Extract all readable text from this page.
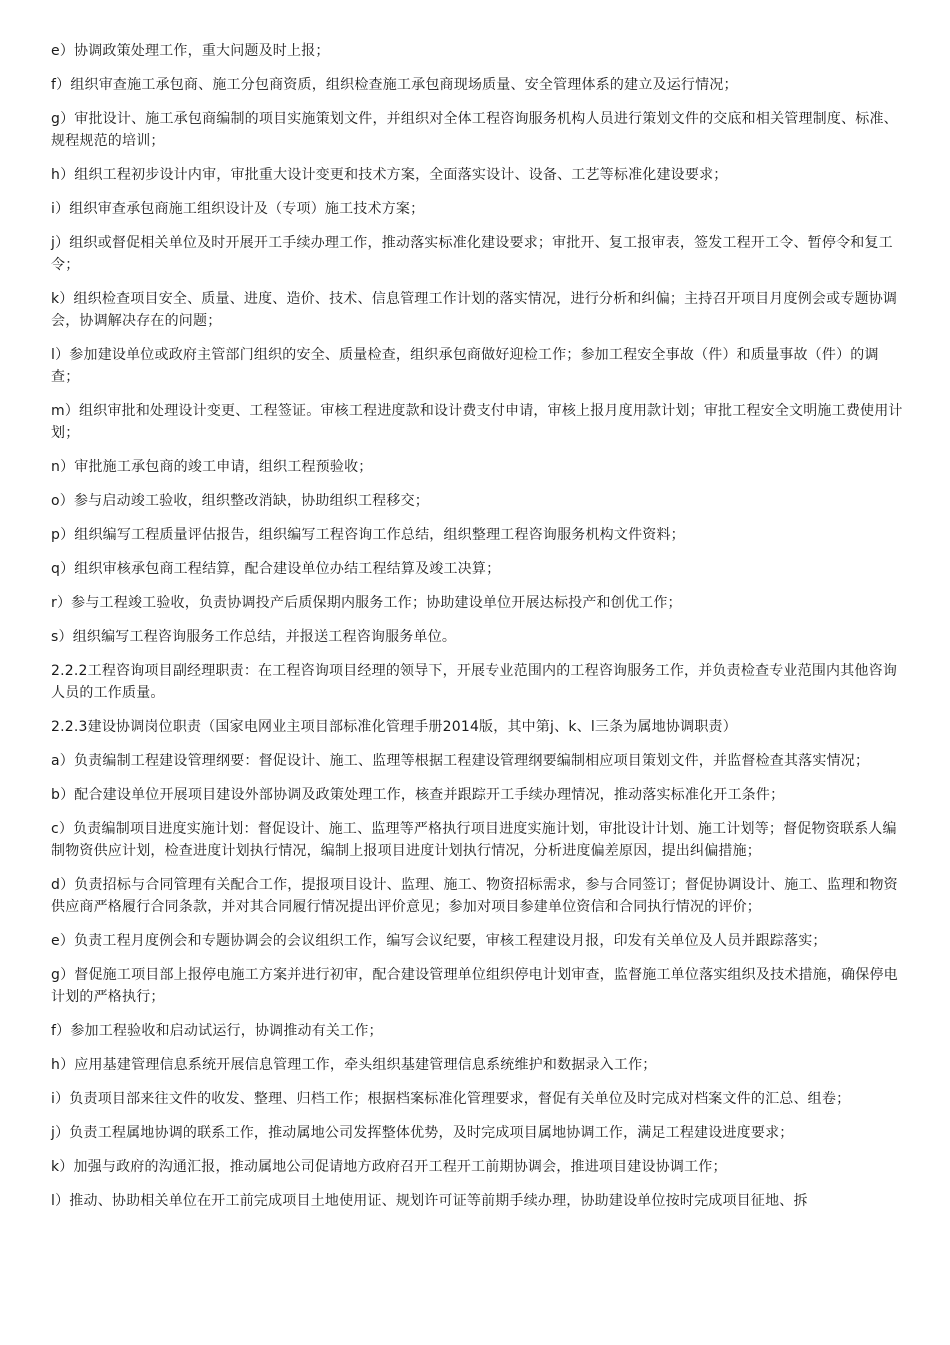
e）协调政策处理工作，重大问题及时上报；

f）组织审查施工承包商、施工分包商资质，组织检查施工承包商现场质量、安全管理体系的建立及运行情况；

g）审批设计、施工承包商编制的项目实施策划文件，并组织对全体工程咨询服务机构人员进行策划文件的交底和相关管理制度、标准、规程规范的培训；

h）组织工程初步设计内审，审批重大设计变更和技术方案，全面落实设计、设备、工艺等标准化建设要求；

i）组织审查承包商施工组织设计及（专项）施工技术方案；

j）组织或督促相关单位及时开展开工手续办理工作，推动落实标准化建设要求；审批开、复工报审表，签发工程开工令、暂停令和复工令；

k）组织检查项目安全、质量、进度、造价、技术、信息管理工作计划的落实情况，进行分析和纠偏；主持召开项目月度例会或专题协调会，协调解决存在的问题；

l）参加建设单位或政府主管部门组织的安全、质量检查，组织承包商做好迎检工作；参加工程安全事故（件）和质量事故（件）的调查；

m）组织审批和处理设计变更、工程签证。审核工程进度款和设计费支付申请，审核上报月度用款计划；审批工程安全文明施工费使用计划；

n）审批施工承包商的竣工申请，组织工程预验收；

o）参与启动竣工验收，组织整改消缺，协助组织工程移交；

p）组织编写工程质量评估报告，组织编写工程咨询工作总结，组织整理工程咨询服务机构文件资料；

q）组织审核承包商工程结算，配合建设单位办结工程结算及竣工决算；

r）参与工程竣工验收，负责协调投产后质保期内服务工作；协助建设单位开展达标投产和创优工作；

s）组织编写工程咨询服务工作总结，并报送工程咨询服务单位。

2.2.2工程咨询项目副经理职责：在工程咨询项目经理的领导下，开展专业范围内的工程咨询服务工作，并负责检查专业范围内其他咨询人员的工作质量。

2.2.3建设协调岗位职责（国家电网业主项目部标准化管理手册2014版，其中第j、k、l三条为属地协调职责）

a）负责编制工程建设管理纲要：督促设计、施工、监理等根据工程建设管理纲要编制相应项目策划文件，并监督检查其落实情况；

b）配合建设单位开展项目建设外部协调及政策处理工作，核查并跟踪开工手续办理情况，推动落实标准化开工条件；

c）负责编制项目进度实施计划：督促设计、施工、监理等严格执行项目进度实施计划，审批设计计划、施工计划等；督促物资联系人编制物资供应计划，检查进度计划执行情况，编制上报项目进度计划执行情况，分析进度偏差原因，提出纠偏措施；

d）负责招标与合同管理有关配合工作，提报项目设计、监理、施工、物资招标需求，参与合同签订；督促协调设计、施工、监理和物资供应商严格履行合同条款，并对其合同履行情况提出评价意见；参加对项目参建单位资信和合同执行情况的评价；

e）负责工程月度例会和专题协调会的会议组织工作，编写会议纪要，审核工程建设月报，印发有关单位及人员并跟踪落实；

g）督促施工项目部上报停电施工方案并进行初审，配合建设管理单位组织停电计划审查，监督施工单位落实组织及技术措施，确保停电计划的严格执行；

f）参加工程验收和启动试运行，协调推动有关工作；

h）应用基建管理信息系统开展信息管理工作，牵头组织基建管理信息系统维护和数据录入工作；

i）负责项目部来往文件的收发、整理、归档工作；根据档案标准化管理要求，督促有关单位及时完成对档案文件的汇总、组卷；

j）负责工程属地协调的联系工作，推动属地公司发挥整体优势，及时完成项目属地协调工作，满足工程建设进度要求；

k）加强与政府的沟通汇报，推动属地公司促请地方政府召开工程开工前期协调会，推进项目建设协调工作；

l）推动、协助相关单位在开工前完成项目土地使用证、规划许可证等前期手续办理，协助建设单位按时完成项目征地、拆
